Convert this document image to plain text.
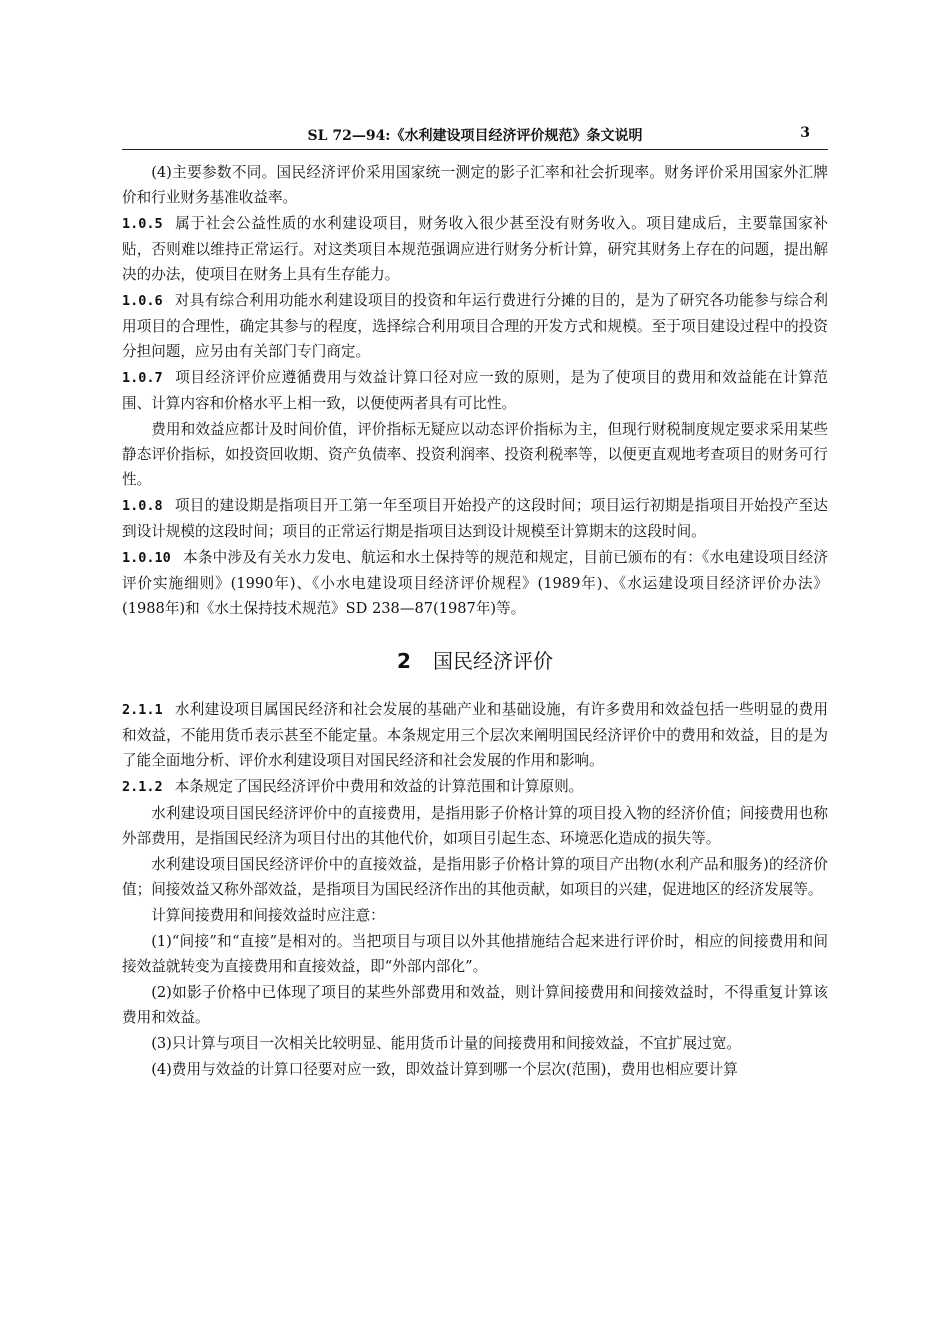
SL 72—94:《水利建设项目经济评价规范》条文说明	3

(4)主要参数不同。国民经济评价采用国家统一测定的影子汇率和社会折现率。财务评价采用国家外汇牌价和行业财务基准收益率。

1.0.5 属于社会公益性质的水利建设项目，财务收入很少甚至没有财务收入。项目建成后，主要靠国家补贴，否则难以维持正常运行。对这类项目本规范强调应进行财务分析计算，研究其财务上存在的问题，提出解决的办法，使项目在财务上具有生存能力。

1.0.6 对具有综合利用功能水利建设项目的投资和年运行费进行分摊的目的，是为了研究各功能参与综合利用项目的合理性，确定其参与的程度，选择综合利用项目合理的开发方式和规模。至于项目建设过程中的投资分担问题，应另由有关部门专门商定。

1.0.7 项目经济评价应遵循费用与效益计算口径对应一致的原则，是为了使项目的费用和效益能在计算范围、计算内容和价格水平上相一致，以便使两者具有可比性。

费用和效益应都计及时间价值，评价指标无疑应以动态评价指标为主，但现行财税制度规定要求采用某些静态评价指标，如投资回收期、资产负债率、投资利润率、投资利税率等，以便更直观地考查项目的财务可行性。

1.0.8 项目的建设期是指项目开工第一年至项目开始投产的这段时间；项目运行初期是指项目开始投产至达到设计规模的这段时间；项目的正常运行期是指项目达到设计规模至计算期末的这段时间。

1.0.10 本条中涉及有关水力发电、航运和水土保持等的规范和规定，目前已颁布的有：《水电建设项目经济评价实施细则》(1990年)、《小水电建设项目经济评价规程》(1989年)、《水运建设项目经济评价办法》(1988年)和《水土保持技术规范》SD 238—87(1987年)等。

2 国民经济评价

2.1.1 水利建设项目属国民经济和社会发展的基础产业和基础设施，有许多费用和效益包括一些明显的费用和效益，不能用货币表示甚至不能定量。本条规定用三个层次来阐明国民经济评价中的费用和效益，目的是为了能全面地分析、评价水利建设项目对国民经济和社会发展的作用和影响。

2.1.2 本条规定了国民经济评价中费用和效益的计算范围和计算原则。

水利建设项目国民经济评价中的直接费用，是指用影子价格计算的项目投入物的经济价值；间接费用也称外部费用，是指国民经济为项目付出的其他代价，如项目引起生态、环境恶化造成的损失等。

水利建设项目国民经济评价中的直接效益，是指用影子价格计算的项目产出物(水利产品和服务)的经济价值；间接效益又称外部效益，是指项目为国民经济作出的其他贡献，如项目的兴建，促进地区的经济发展等。

计算间接费用和间接效益时应注意：

(1)“间接”和“直接”是相对的。当把项目与项目以外其他措施结合起来进行评价时，相应的间接费用和间接效益就转变为直接费用和直接效益，即“外部内部化”。

(2)如影子价格中已体现了项目的某些外部费用和效益，则计算间接费用和间接效益时，不得重复计算该费用和效益。

(3)只计算与项目一次相关比较明显、能用货币计量的间接费用和间接效益，不宜扩展过宽。

(4)费用与效益的计算口径要对应一致，即效益计算到哪一个层次(范围)，费用也相应要计算
